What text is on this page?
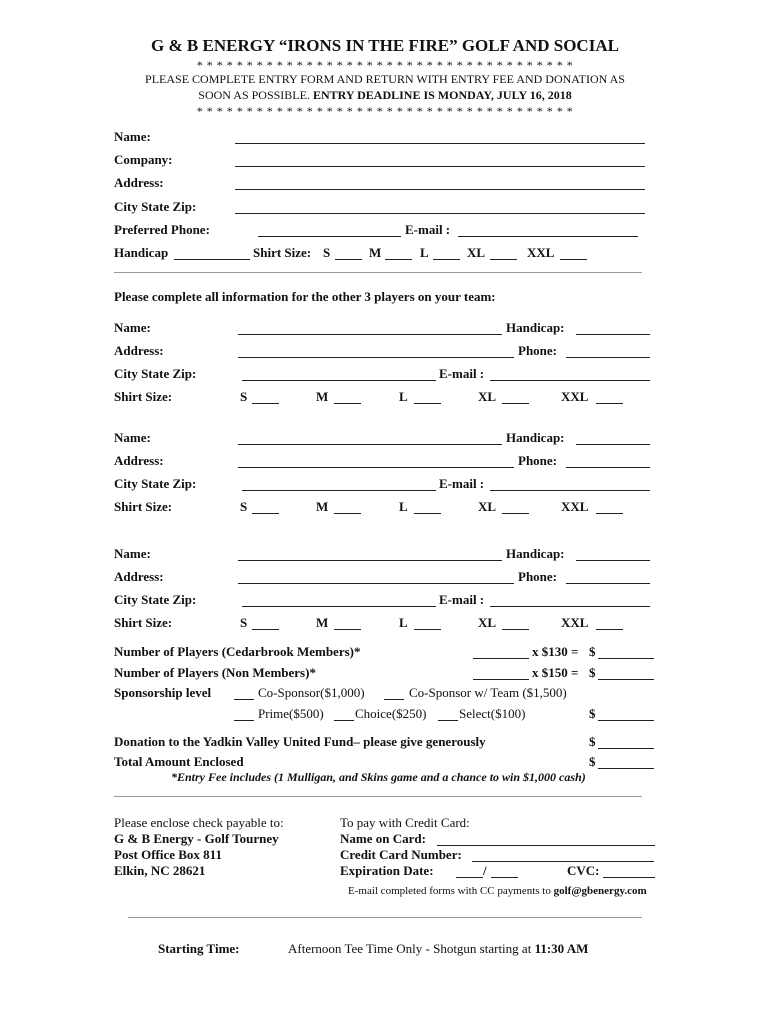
G & B ENERGY “IRONS IN THE FIRE” GOLF AND SOCIAL
* * * * * * * * * * * * * * * * * * * * * * * * * * * * * * * * * * * * * *
PLEASE COMPLETE ENTRY FORM AND RETURN WITH ENTRY FEE AND DONATION AS
SOON AS POSSIBLE. ENTRY DEADLINE IS MONDAY, JULY 16, 2018
* * * * * * * * * * * * * * * * * * * * * * * * * * * * * * * * * * * * * *
Name:
Company:
Address:
City State Zip:
Preferred Phone:	E-mail :
Handicap	Shirt Size: S	M	L	XL	XXL
Please complete all information for the other 3 players on your team:
Name:	Handicap:
Address:	Phone:
City State Zip:	E-mail :
Shirt Size:	S	M	L	XL	XXL
Name:	Handicap:
Address:	Phone:
City State Zip:	E-mail :
Shirt Size:	S	M	L	XL	XXL
Name:	Handicap:
Address:	Phone:
City State Zip:	E-mail :
Shirt Size:	S	M	L	XL	XXL
Number of Players (Cedarbrook Members)*	x $130 = $
Number of Players (Non Members)*	x $150 = $
Sponsorship level	Co-Sponsor($1,000)	Co-Sponsor w/ Team ($1,500)
Prime($500) Choice($250)	Select($100)	$
Donation to the Yadkin Valley United Fund– please give generously	$
Total Amount Enclosed	$
*Entry Fee includes (1 Mulligan, and Skins game and a chance to win $1,000 cash)
Please enclose check payable to:
G & B Energy - Golf Tourney
Post Office Box 811
Elkin, NC 28621
To pay with Credit Card:
Name on Card:
Credit Card Number:
Expiration Date:	/	CVC:
E-mail completed forms with CC payments to golf@gbenergy.com
Starting Time:	Afternoon Tee Time Only - Shotgun starting at 11:30 AM
